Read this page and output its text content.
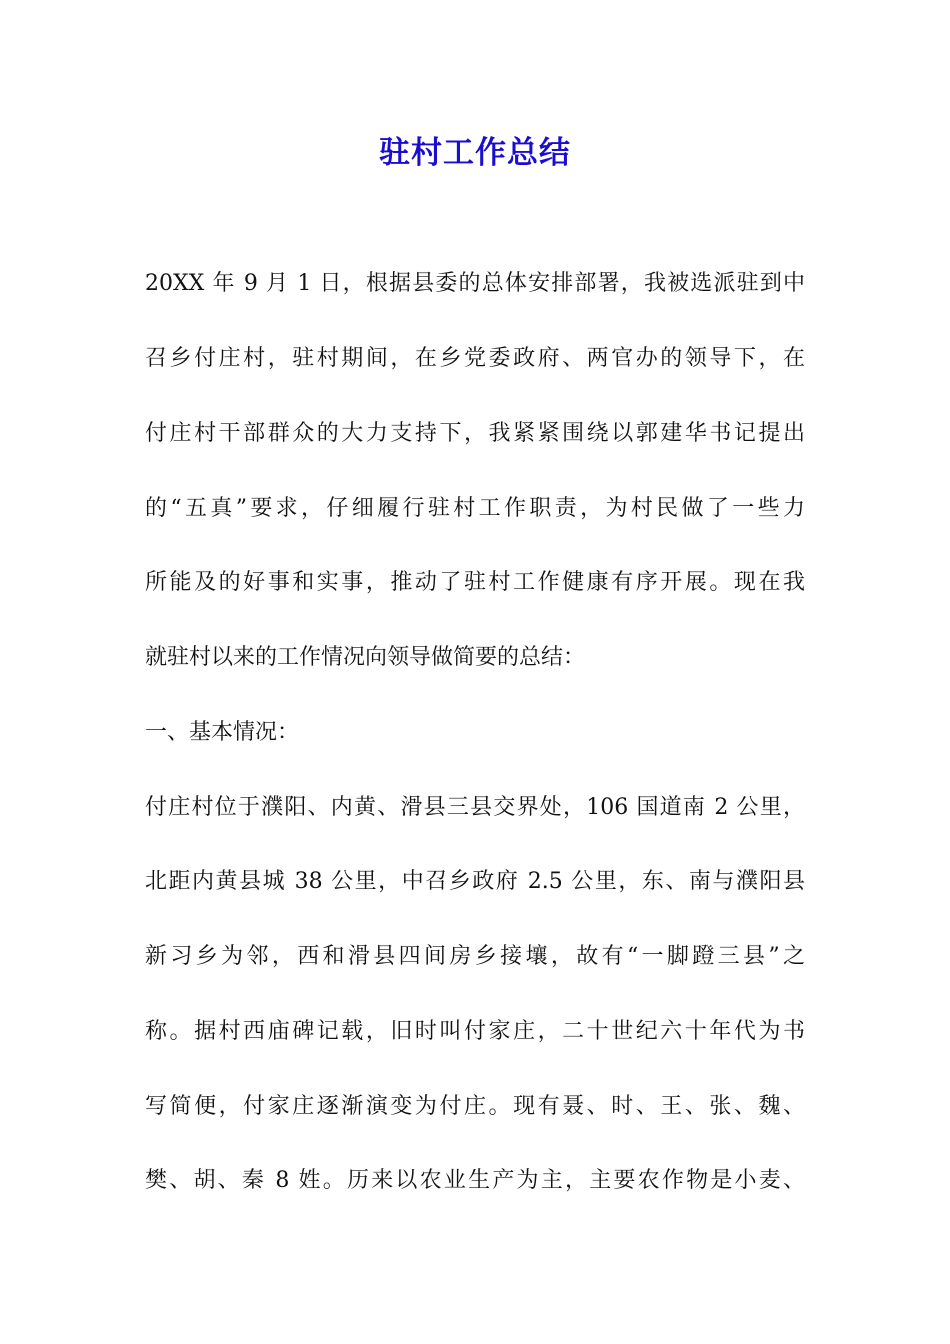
驻村工作总结
20XX 年 9 月 1 日，根据县委的总体安排部署，我被选派驻到中
召乡付庄村，驻村期间，在乡党委政府、两官办的领导下，在
付庄村干部群众的大力支持下，我紧紧围绕以郭建华书记提出
的“五真”要求，仔细履行驻村工作职责，为村民做了一些力
所能及的好事和实事，推动了驻村工作健康有序开展。现在我
就驻村以来的工作情况向领导做简要的总结：
一、基本情况：
付庄村位于濮阳、内黄、滑县三县交界处，106 国道南 2 公里，
北距内黄县城 38 公里，中召乡政府 2.5 公里，东、南与濮阳县
新习乡为邻，西和滑县四间房乡接壤，故有“一脚蹬三县”之
称。据村西庙碑记载，旧时叫付家庄，二十世纪六十年代为书
写简便，付家庄逐渐演变为付庄。现有聂、时、王、张、魏、
樊、胡、秦 8 姓。历来以农业生产为主，主要农作物是小麦、
